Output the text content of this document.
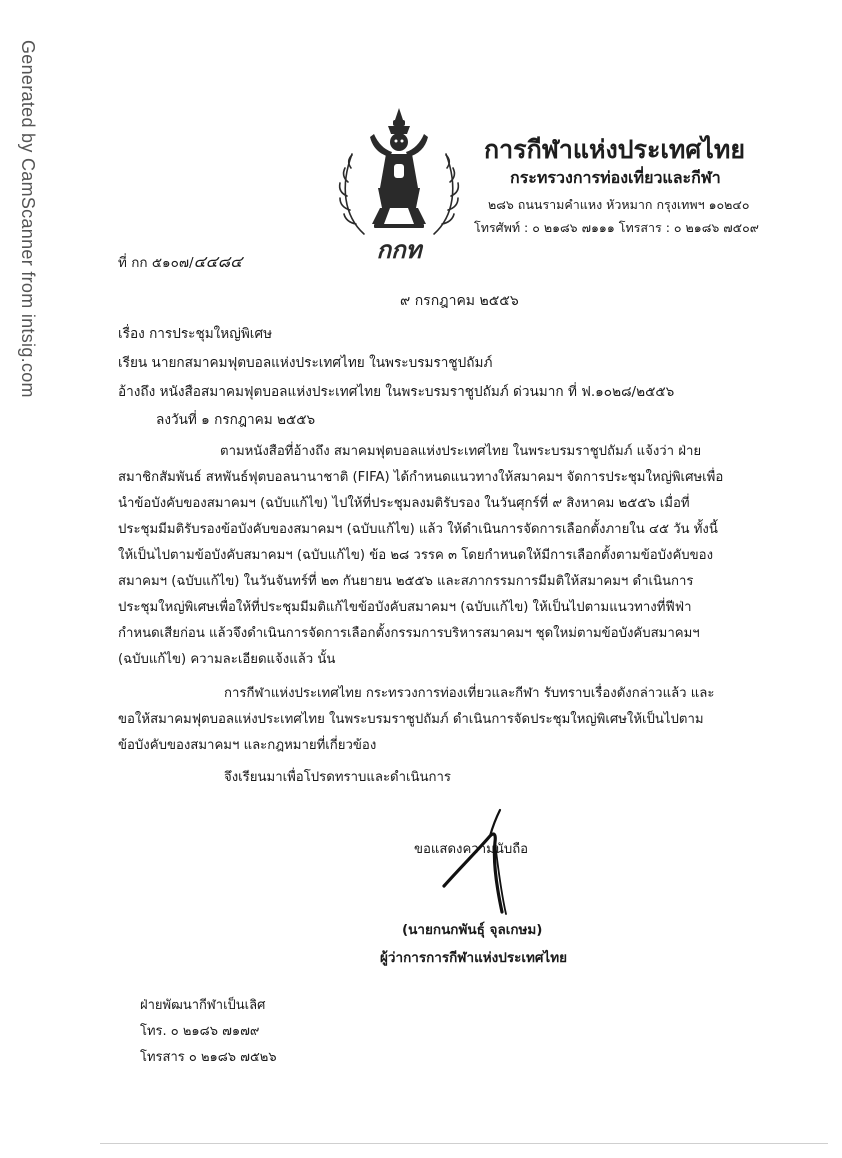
Generated by CamScanner from intsig.com	กกท
การกีฬาแห่งประเทศไทย
กระทรวงการท่องเที่ยวและกีฬา
๒๘๖ ถนนรามคำแหง หัวหมาก กรุงเทพฯ ๑๐๒๔๐
โทรศัพท์ : ๐ ๒๑๘๖ ๗๑๑๑ โทรสาร : ๐ ๒๑๘๖ ๗๕๐๙
ที่ กก ๕๑๐๗/๔๔๘๔
๙ กรกฎาคม ๒๕๕๖
เรื่อง การประชุมใหญ่พิเศษ
เรียน นายกสมาคมฟุตบอลแห่งประเทศไทย ในพระบรมราชูปถัมภ์
อ้างถึง หนังสือสมาคมฟุตบอลแห่งประเทศไทย ในพระบรมราชูปถัมภ์ ด่วนมาก ที่ ฟ.๑๐๒๘/๒๕๕๖
ลงวันที่ ๑ กรกฎาคม ๒๕๕๖
ตามหนังสือที่อ้างถึง สมาคมฟุตบอลแห่งประเทศไทย ในพระบรมราชูปถัมภ์ แจ้งว่า ฝ่าย
สมาชิกสัมพันธ์ สหพันธ์ฟุตบอลนานาชาติ (FIFA) ได้กำหนดแนวทางให้สมาคมฯ จัดการประชุมใหญ่พิเศษเพื่อ
นำข้อบังคับของสมาคมฯ (ฉบับแก้ไข) ไปให้ที่ประชุมลงมติรับรอง ในวันศุกร์ที่ ๙ สิงหาคม ๒๕๕๖ เมื่อที่
ประชุมมีมติรับรองข้อบังคับของสมาคมฯ (ฉบับแก้ไข) แล้ว ให้ดำเนินการจัดการเลือกตั้งภายใน ๔๕ วัน ทั้งนี้
ให้เป็นไปตามข้อบังคับสมาคมฯ (ฉบับแก้ไข) ข้อ ๒๘ วรรค ๓ โดยกำหนดให้มีการเลือกตั้งตามข้อบังคับของ
สมาคมฯ (ฉบับแก้ไข) ในวันจันทร์ที่ ๒๓ กันยายน ๒๕๕๖ และสภากรรมการมีมติให้สมาคมฯ ดำเนินการ
ประชุมใหญ่พิเศษเพื่อให้ที่ประชุมมีมติแก้ไขข้อบังคับสมาคมฯ (ฉบับแก้ไข) ให้เป็นไปตามแนวทางที่ฟีฟ่า
กำหนดเสียก่อน แล้วจึงดำเนินการจัดการเลือกตั้งกรรมการบริหารสมาคมฯ ชุดใหม่ตามข้อบังคับสมาคมฯ
(ฉบับแก้ไข) ความละเอียดแจ้งแล้ว นั้น
การกีฬาแห่งประเทศไทย กระทรวงการท่องเที่ยวและกีฬา รับทราบเรื่องดังกล่าวแล้ว และ
ขอให้สมาคมฟุตบอลแห่งประเทศไทย ในพระบรมราชูปถัมภ์ ดำเนินการจัดประชุมใหญ่พิเศษให้เป็นไปตาม
ข้อบังคับของสมาคมฯ และกฎหมายที่เกี่ยวข้อง
จึงเรียนมาเพื่อโปรดทราบและดำเนินการ
ขอแสดงความนับถือ
(นายกนกพันธุ์ จุลเกษม)
ผู้ว่าการการกีฬาแห่งประเทศไทย
ฝ่ายพัฒนากีฬาเป็นเลิศ
โทร. ๐ ๒๑๘๖ ๗๑๗๙
โทรสาร ๐ ๒๑๘๖ ๗๕๒๖
